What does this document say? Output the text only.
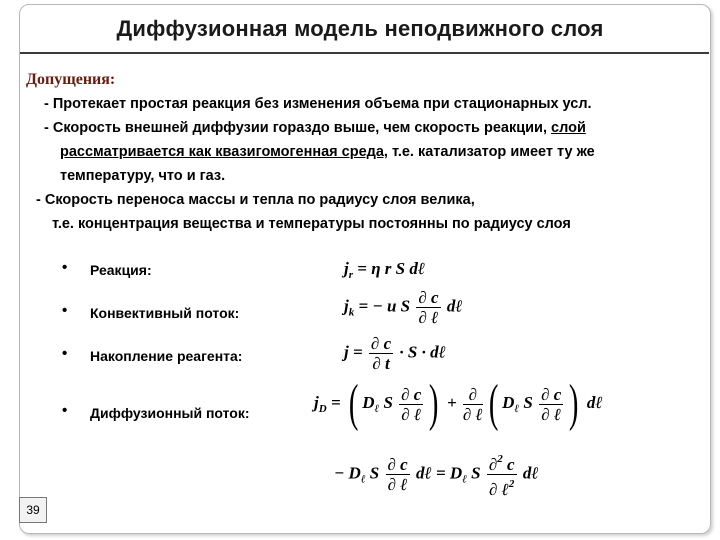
Диффузионная модель неподвижного слоя
Допущения:
- Протекает простая реакция без изменения объема при стационарных усл.
- Скорость внешней диффузии гораздо выше, чем скорость реакции, слой
рассматривается как квазигомогенная среда, т.е. катализатор имеет ту же
температуру, что и газ.
- Скорость переноса массы и тепла по радиусу слоя велика,
т.е. концентрация вещества и температуры постоянны по радиусу слоя
• Реакция:
• Конвективный поток:
• Накопление реагента:
• Диффузионный поток:
$j_r = \eta$ r S dℓ
$j_k$ = − u S $\frac{\partial c}{\text{∂ ℓ}}$ dℓ
$j = \frac{\partial c}{\partial t} \cdot S$ · dℓ
$j_D$ = ( $D_\ell$ S $\frac{\partial c}{\text{∂ ℓ}}$ ) + $\frac{\partial}{\text{∂ ℓ}}$ ( $D_\ell$ S $\frac{\partial c}{\text{∂ ℓ}}$ ) dℓ
− $D_\ell$ S $\frac{\partial c}{\text{∂ ℓ}}$ dℓ = $D_\ell$ S $\frac{\partial^2 c}{\partial \ell^2}$ dℓ
39
